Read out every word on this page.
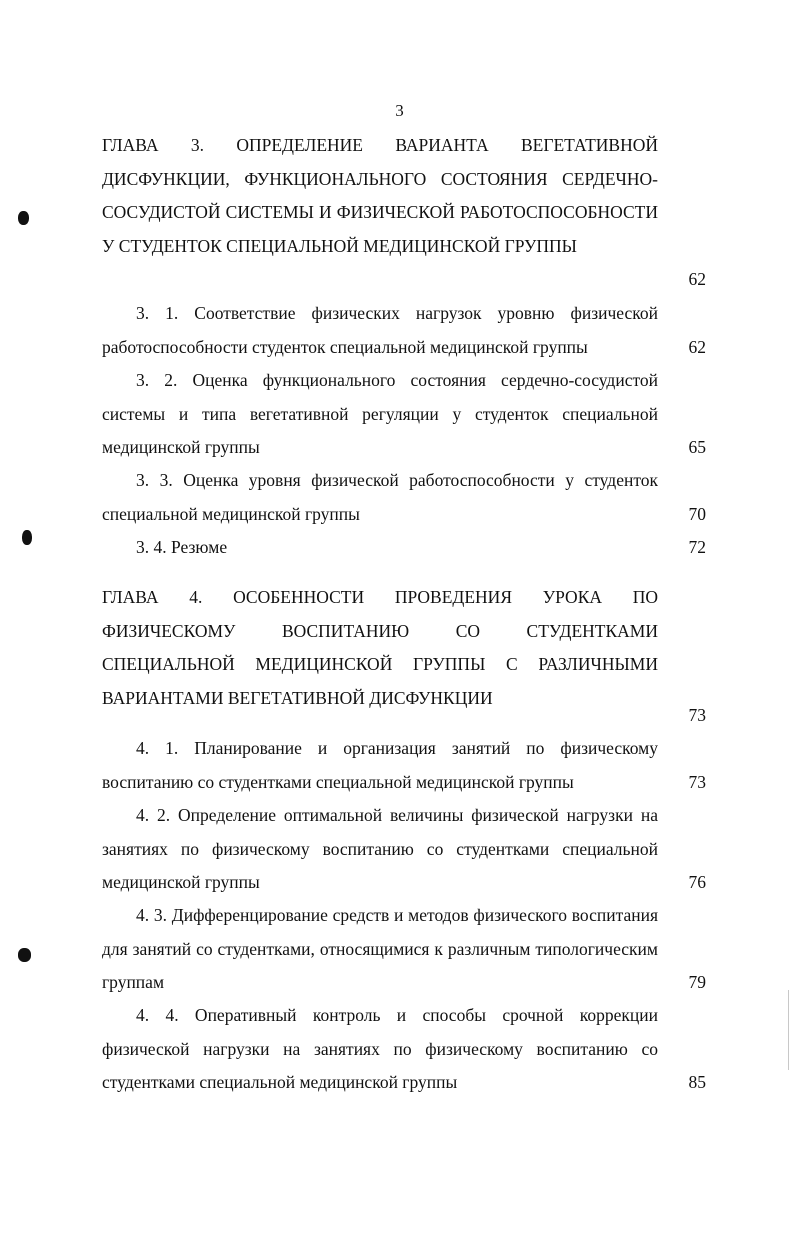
3
ГЛАВА 3. ОПРЕДЕЛЕНИЕ ВАРИАНТА ВЕГЕТАТИВНОЙ ДИСФУНКЦИИ, ФУНКЦИОНАЛЬНОГО СОСТОЯНИЯ СЕРДЕЧНО-СОСУДИСТОЙ СИСТЕМЫ И ФИЗИЧЕСКОЙ РАБОТОСПОСОБНОСТИ У СТУДЕНТОК СПЕЦИАЛЬНОЙ МЕДИЦИНСКОЙ ГРУППЫ
62
3. 1. Соответствие физических нагрузок уровню физической работоспособности студенток специальной медицинской группы	62
3. 2. Оценка функционального состояния сердечно-сосудистой системы и типа вегетативной регуляции у студенток специальной медицинской группы	65
3. 3. Оценка уровня физической работоспособности у студенток специальной медицинской группы	70
3. 4. Резюме	72
ГЛАВА 4. ОСОБЕННОСТИ ПРОВЕДЕНИЯ УРОКА ПО ФИЗИЧЕСКОМУ ВОСПИТАНИЮ СО СТУДЕНТКАМИ СПЕЦИАЛЬНОЙ МЕДИЦИНСКОЙ ГРУППЫ С РАЗЛИЧНЫМИ ВАРИАНТАМИ ВЕГЕТАТИВНОЙ ДИСФУНКЦИИ
73
4. 1. Планирование и организация занятий по физическому воспитанию со студентками специальной медицинской группы	73
4. 2. Определение оптимальной величины физической нагрузки на занятиях по физическому воспитанию со студентками специальной медицинской группы	76
4. 3. Дифференцирование средств и методов физического воспитания для занятий со студентками, относящимися к различным типологическим группам	79
4. 4. Оперативный контроль и способы срочной коррекции физической нагрузки на занятиях по физическому воспитанию со студентками специальной медицинской группы	85
